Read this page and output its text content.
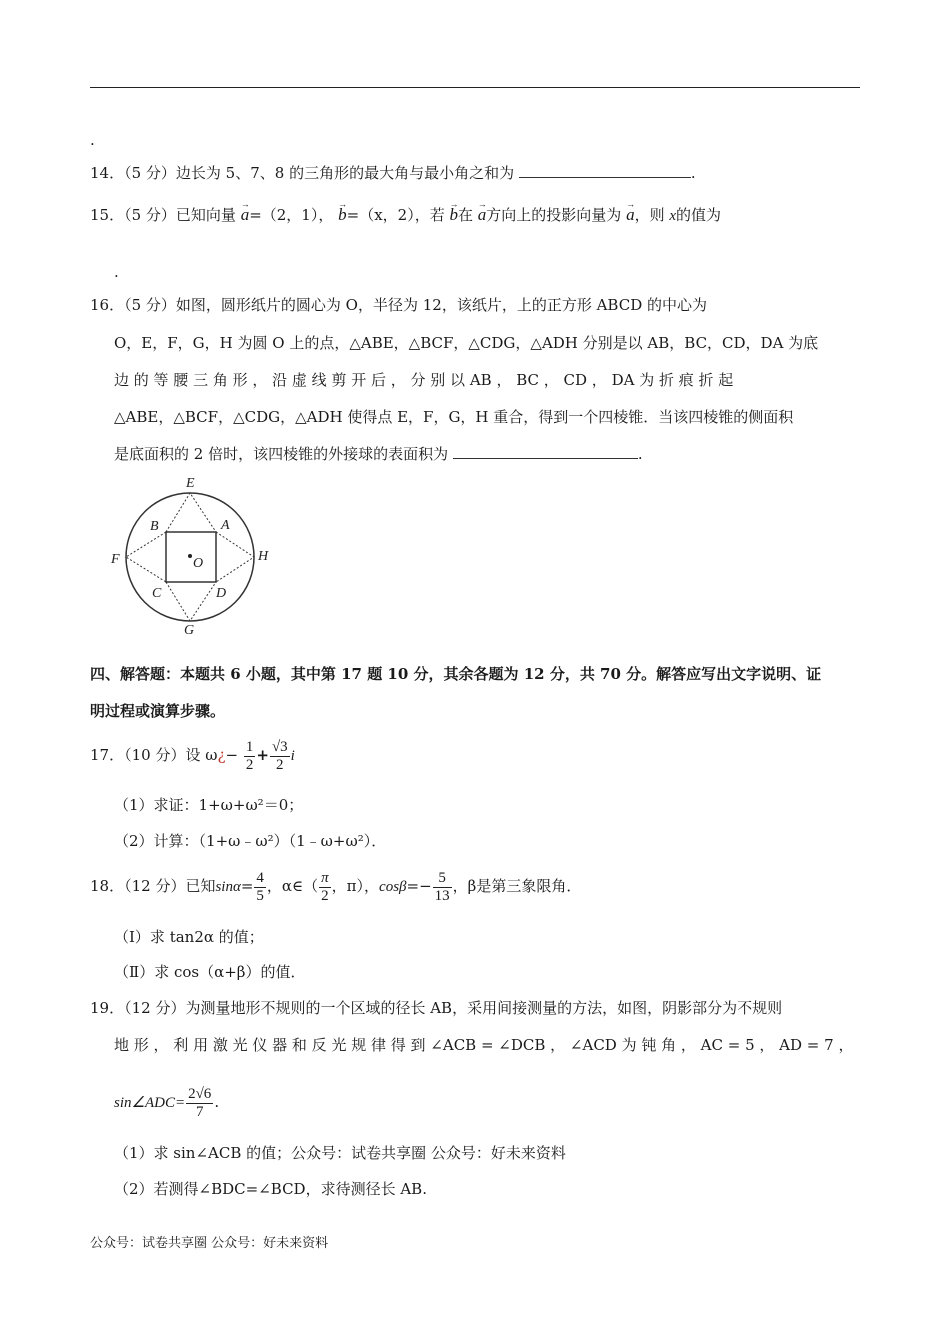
.
14．（5 分）边长为 5、7、8 的三角形的最大角与最小角之和为	.
15．（5 分）已知向量 → a=（2，1）， → b=（x，2），若 → b在 → a方向上的投影向量为 → a，则 x的值为
.
16．（5 分）如图，圆形纸片的圆心为 O，半径为 12，该纸片，上的正方形 ABCD 的中心为
O，E，F，G，H 为圆 O 上的点，△ABE，△BCF，△CDG，△ADH 分别是以 AB，BC，CD，DA 为底
边 的 等 腰 三 角 形 ， 沿 虚 线 剪 开 后 ， 分 别 以 AB ， BC ， CD ， DA 为 折 痕 折 起
△ABE，△BCF，△CDG，△ADH 使得点 E，F，G，H 重合，得到一个四棱锥．当该四棱锥的侧面积
是底面积的 2 倍时，该四棱锥的外接球的表面积为	.
E
A
B
F	O	H
C	D
G
四、解答题：本题共 6 小题，其中第 17 题 10 分，其余各题为 12 分，共 70 分。解答应写出文字说明、证
明过程或演算步骤。
17．（10 分）设 ω¿− $\frac{1}{2} + \frac{√3}{2}$ i
（1）求证：1+ω+ω²＝0；
（2）计算：（1+ω﹣ω²）（1﹣ω+ω²）．
18．（12 分）已知$\sin\alpha= \frac{4}{5}$ ，α∈（ $\frac{\pi}{2}$ ，π），$\cos\beta=- \frac{5}{13}$ ，β是第三象限角．
（Ⅰ）求 tan2α 的值；
（Ⅱ）求 cos（α+β）的值．
19．（12 分）为测量地形不规则的一个区域的径长 AB，采用间接测量的方法，如图，阴影部分为不规则
地 形 ， 利 用 激 光 仪 器 和 反 光 规 律 得 到 ∠ACB = ∠DCB ， ∠ACD 为 钝 角 ， AC = 5 ， AD = 7 ，
sin∠ADC= $\frac{2√6}{7}$ .
（1）求 sin∠ACB 的值；公众号：试卷共享圈 公众号：好未来资料
（2）若测得∠BDC=∠BCD，求待测径长 AB.
公众号：试卷共享圈 公众号：好未来资料
